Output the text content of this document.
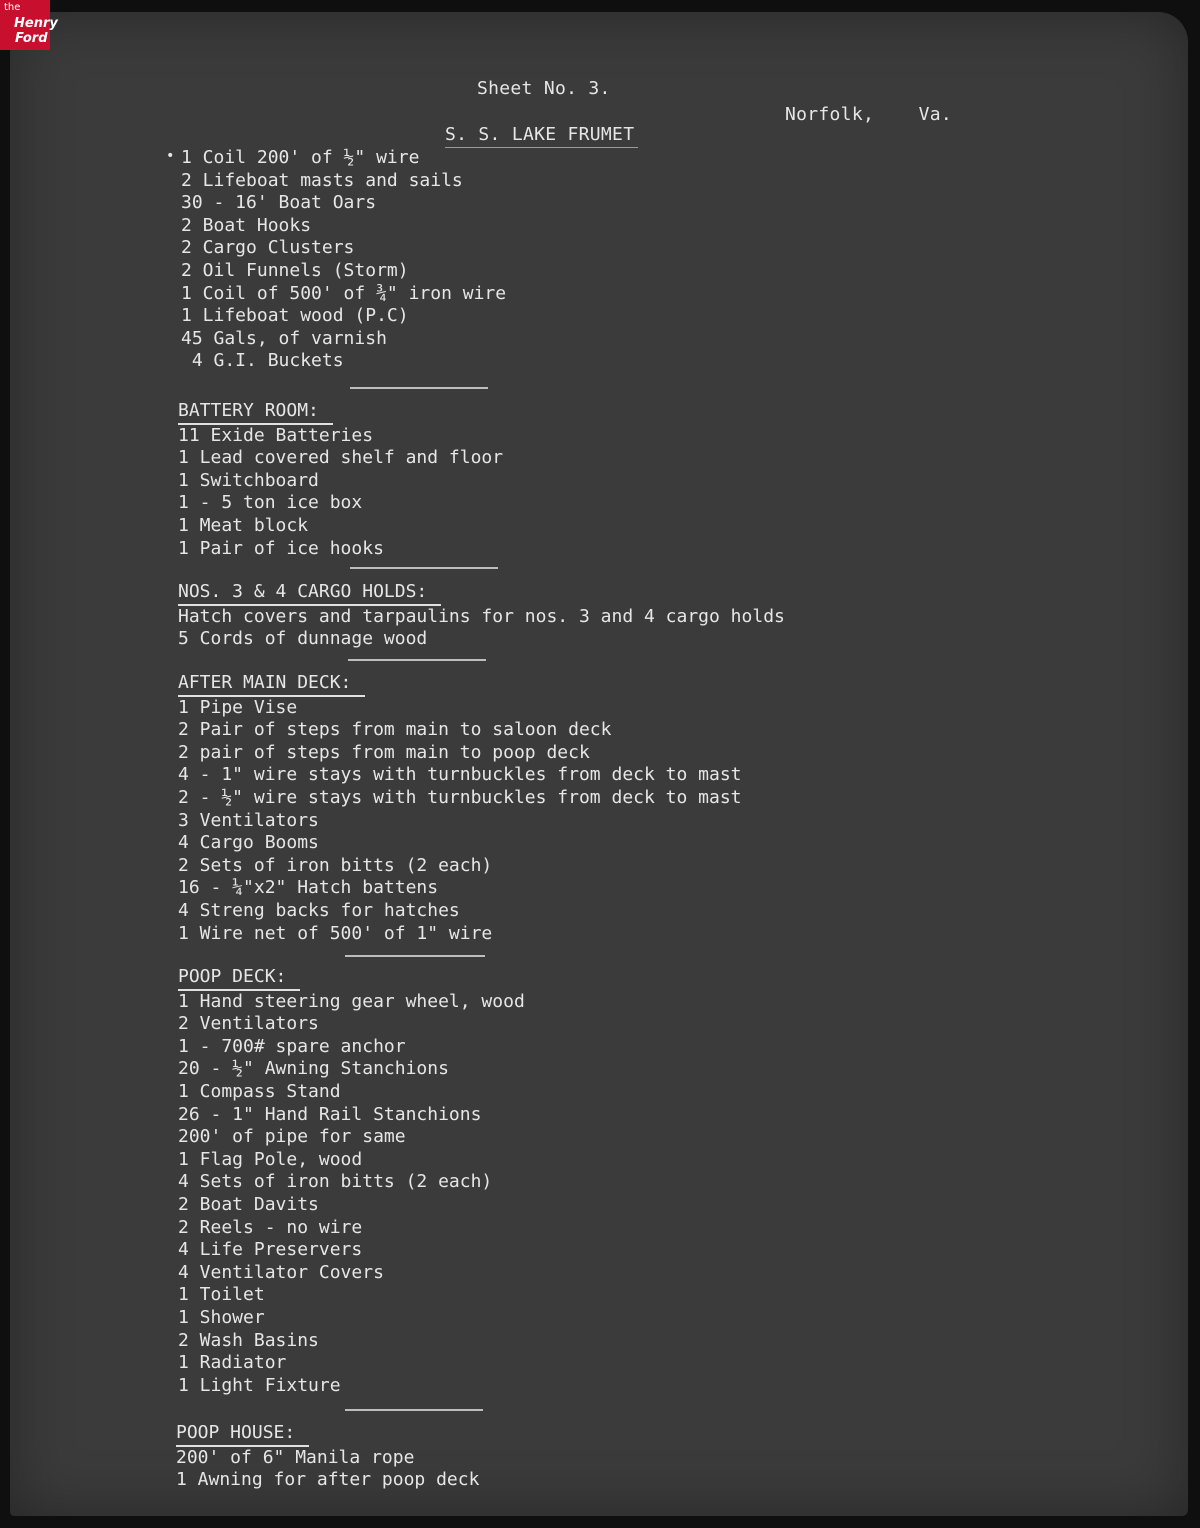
the
Henry
Ford
Sheet No. 3.
Norfolk,    Va.
S. S. LAKE FRUMET
• 1 Coil 200' of ½" wire
2 Lifeboat masts and sails
30 - 16' Boat Oars
2 Boat Hooks
2 Cargo Clusters
2 Oil Funnels (Storm)
1 Coil of 500' of ¾" iron wire
1 Lifeboat wood (P.C)
45 Gals, of varnish
4 G.I. Buckets
BATTERY ROOM:
11 Exide Batteries
1 Lead covered shelf and floor
1 Switchboard
1 - 5 ton ice box
1 Meat block
1 Pair of ice hooks
NOS. 3 & 4 CARGO HOLDS:
Hatch covers and tarpaulins for nos. 3 and 4 cargo holds
5 Cords of dunnage wood
AFTER MAIN DECK:
1 Pipe Vise
2 Pair of steps from main to saloon deck
2 pair of steps from main to poop deck
4 - 1" wire stays with turnbuckles from deck to mast
2 - ½" wire stays with turnbuckles from deck to mast
3 Ventilators
4 Cargo Booms
2 Sets of iron bitts (2 each)
16 - ¼"x2" Hatch battens
4 Streng backs for hatches
1 Wire net of 500' of 1" wire
POOP DECK:
1 Hand steering gear wheel, wood
2 Ventilators
1 - 700# spare anchor
20 - ½" Awning Stanchions
1 Compass Stand
26 - 1" Hand Rail Stanchions
200' of pipe for same
1 Flag Pole, wood
4 Sets of iron bitts (2 each)
2 Boat Davits
2 Reels - no wire
4 Life Preservers
4 Ventilator Covers
1 Toilet
1 Shower
2 Wash Basins
1 Radiator
1 Light Fixture
POOP HOUSE:
200' of 6" Manila rope
1 Awning for after poop deck
